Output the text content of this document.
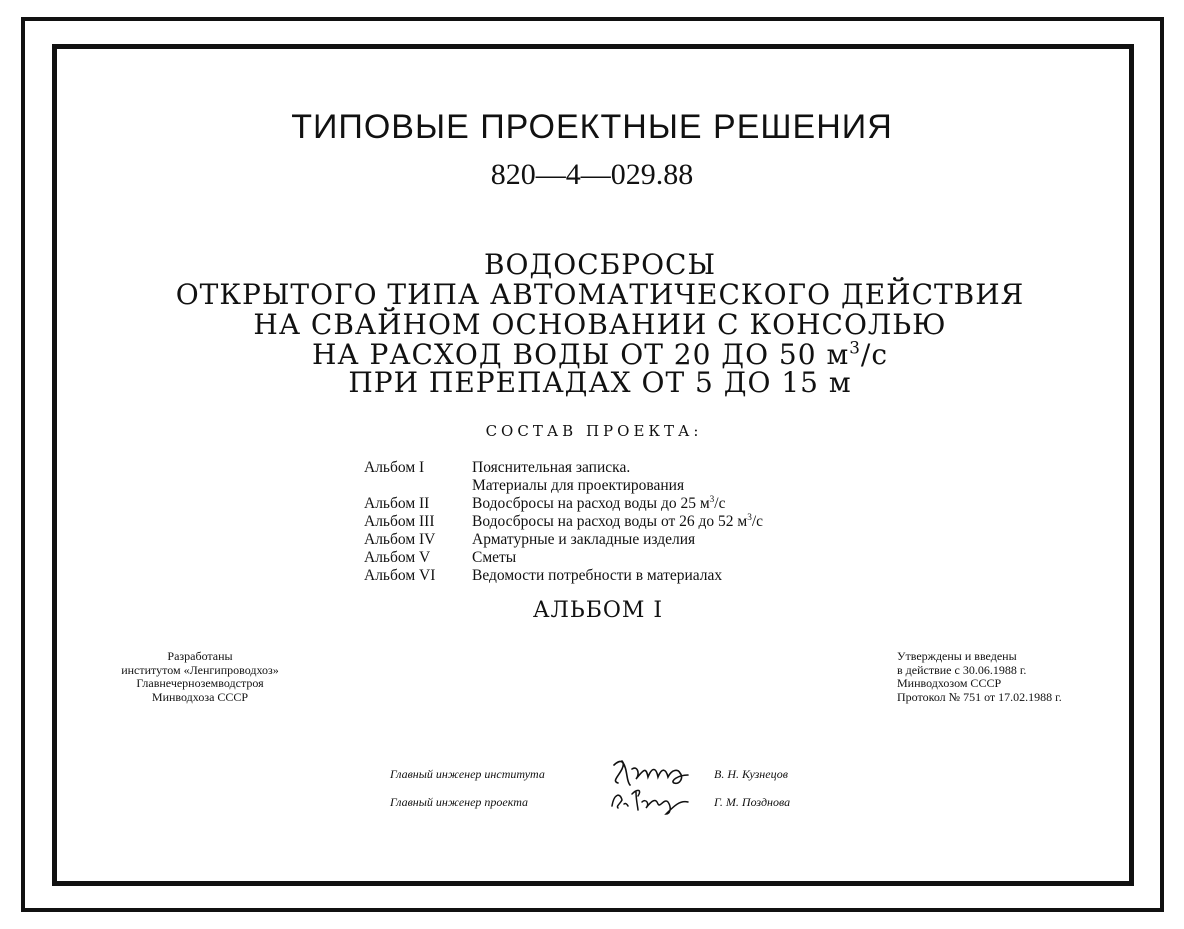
ТИПОВЫЕ ПРОЕКТНЫЕ РЕШЕНИЯ
820—4—029.88
ВОДОСБРОСЫ
ОТКРЫТОГО ТИПА АВТОМАТИЧЕСКОГО ДЕЙСТВИЯ
НА СВАЙНОМ ОСНОВАНИИ С КОНСОЛЬЮ
НА РАСХОД ВОДЫ ОТ 20 ДО 50 $м^3/с$
ПРИ ПЕРЕПАДАХ ОТ 5 ДО 15 м
СОСТАВ ПРОЕКТА:
Альбом I	Пояснительная записка.
Материалы для проектирования
Альбом II	Водосбросы на расход воды до 25 $м^3/с$
Альбом III	Водосбросы на расход воды от 26 до 52 $м^3/с$
Альбом IV	Арматурные и закладные изделия
Альбом V	Сметы
Альбом VI	Ведомости потребности в материалах
АЛЬБОМ I
Разработаны
институтом «Ленгипроводхоз»
Главнечерноземводстроя
Минводхоза СССР
Утверждены и введены
в действие с 30.06.1988 г.
Минводхозом СССР
Протокол № 751 от 17.02.1988 г.
Главный инженер института	В. Н. Кузнецов
Главный инженер проекта	Г. М. Позднова
